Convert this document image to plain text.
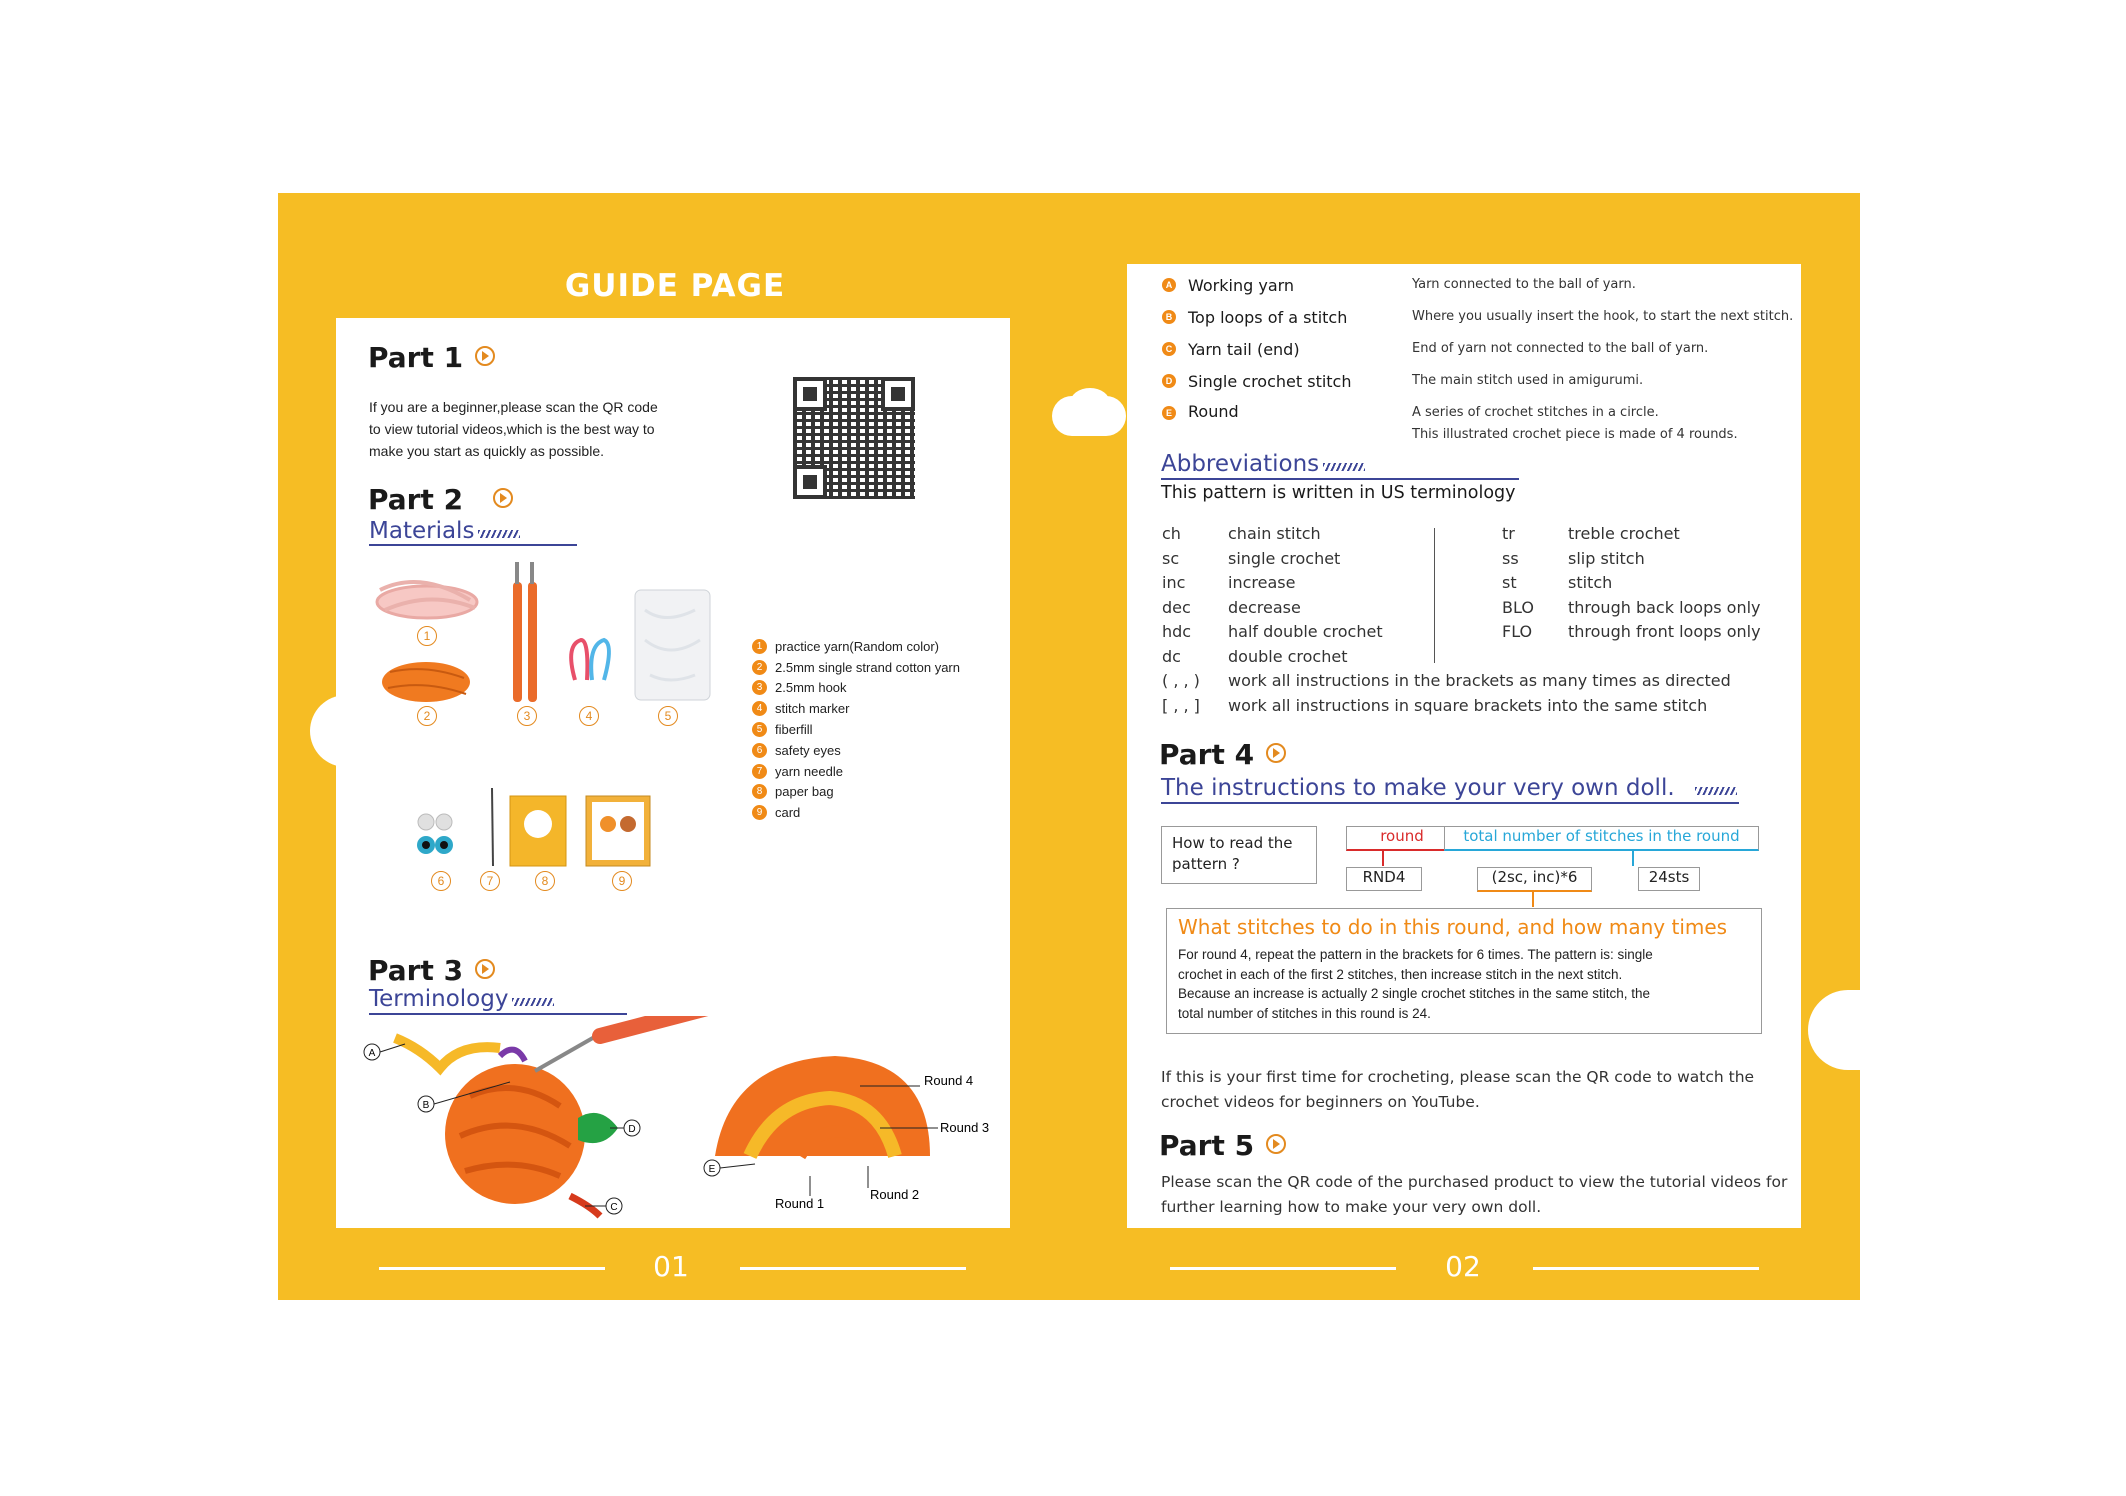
GUIDE PAGE
Part 1
If you are a beginner,please scan the QR code
to view tutorial videos,which is the best way to
make you start as quickly as possible.
Part 2
Materials
1
2	3	4	5
6	7	8	9
1 practice yarn(Random color)
2 2.5mm single strand cotton yarn
3 2.5mm hook
4 stitch marker
5 fiberfill
6 safety eyes
7 yarn needle
8 paper bag
9 card
Part 3
Terminology
A
B
C
D
E
Round 4
Round 3
Round 2
Round 1
01
A Working yarn	Yarn connected to the ball of yarn.
B Top loops of a stitch	Where you usually insert the hook, to start the next stitch.
C Yarn tail (end)	End of yarn not connected to the ball of yarn.
D Single crochet stitch	The main stitch used in amigurumi.
E Round	A series of crochet stitches in a circle.
This illustrated crochet piece is made of 4 rounds.
Abbreviations
This pattern is written in US terminology
ch	chain stitch
sc	single crochet
inc	increase
dec	decrease
hdc	half double crochet
dc	double crochet
( , , )	work all instructions in the brackets as many times as directed
[ , , ]	work all instructions in square brackets into the same stitch
tr	treble crochet
ss	slip stitch
st	stitch
BLO	through back loops only
FLO	through front loops only
Part 4
The instructions to make your very own doll.
How to read the
pattern ?
round	total number of stitches in the round
RND4	(2sc, inc)*6	24sts
What stitches to do in this round, and how many times
For round 4, repeat the pattern in the brackets for 6 times. The pattern is: single
crochet in each of the first 2 stitches, then increase stitch in the next stitch.
Because an increase is actually 2 single crochet stitches in the same stitch, the
total number of stitches in this round is 24.
If this is your first time for crocheting, please scan the QR code to watch the
crochet videos for beginners on YouTube.
Part 5
Please scan the QR code of the purchased product to view the tutorial videos for
further learning how to make your very own doll.
02
